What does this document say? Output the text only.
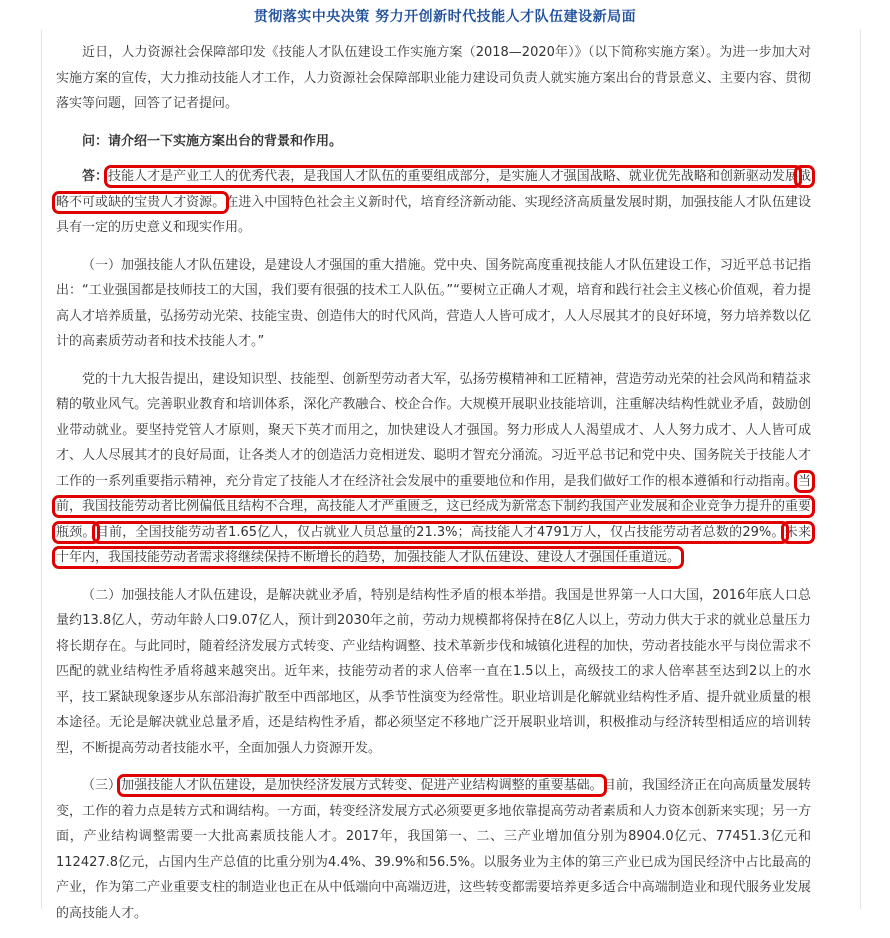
贯彻落实中央决策 努力开创新时代技能人才队伍建设新局面

近日，人力资源社会保障部印发《技能人才队伍建设工作实施方案（2018—2020年）》（以下简称实施方案）。为进一步加大对实施方案的宣传，大力推动技能人才工作，人力资源社会保障部职业能力建设司负责人就实施方案出台的背景意义、主要内容、贯彻落实等问题，回答了记者提问。

问：请介绍一下实施方案出台的背景和作用。

答：技能人才是产业工人的优秀代表，是我国人才队伍的重要组成部分，是实施人才强国战略、就业优先战略和创新驱动发展战略不可或缺的宝贵人才资源。在进入中国特色社会主义新时代，培育经济新动能、实现经济高质量发展时期，加强技能人才队伍建设具有一定的历史意义和现实作用。

（一）加强技能人才队伍建设，是建设人才强国的重大措施。党中央、国务院高度重视技能人才队伍建设工作，习近平总书记指出：“工业强国都是技师技工的大国，我们要有很强的技术工人队伍。”“要树立正确人才观，培育和践行社会主义核心价值观，着力提高人才培养质量，弘扬劳动光荣、技能宝贵、创造伟大的时代风尚，营造人人皆可成才，人人尽展其才的良好环境，努力培养数以亿计的高素质劳动者和技术技能人才。”

党的十九大报告提出，建设知识型、技能型、创新型劳动者大军，弘扬劳模精神和工匠精神，营造劳动光荣的社会风尚和精益求精的敬业风气。完善职业教育和培训体系，深化产教融合、校企合作。大规模开展职业技能培训，注重解决结构性就业矛盾，鼓励创业带动就业。要坚持党管人才原则，聚天下英才而用之，加快建设人才强国。努力形成人人渴望成才、人人努力成才、人人皆可成才、人人尽展其才的良好局面，让各类人才的创造活力竞相迸发、聪明才智充分涌流。习近平总书记和党中央、国务院关于技能人才工作的一系列重要指示精神，充分肯定了技能人才在经济社会发展中的重要地位和作用，是我们做好工作的根本遵循和行动指南。当前，我国技能劳动者比例偏低且结构不合理，高技能人才严重匮乏，这已经成为新常态下制约我国产业发展和企业竞争力提升的重要瓶颈。目前，全国技能劳动者1.65亿人，仅占就业人员总量的21.3%；高技能人才4791万人，仅占技能劳动者总数的29%。未来十年内，我国技能劳动者需求将继续保持不断增长的趋势，加强技能人才队伍建设、建设人才强国任重道远。

（二）加强技能人才队伍建设，是解决就业矛盾，特别是结构性矛盾的根本举措。我国是世界第一人口大国，2016年底人口总量约13.8亿人，劳动年龄人口9.07亿人，预计到2030年之前，劳动力规模都将保持在8亿人以上，劳动力供大于求的就业总量压力将长期存在。与此同时，随着经济发展方式转变、产业结构调整、技术革新步伐和城镇化进程的加快，劳动者技能水平与岗位需求不匹配的就业结构性矛盾将越来越突出。近年来，技能劳动者的求人倍率一直在1.5以上，高级技工的求人倍率甚至达到2以上的水平，技工紧缺现象逐步从东部沿海扩散至中西部地区，从季节性演变为经常性。职业培训是化解就业结构性矛盾、提升就业质量的根本途径。无论是解决就业总量矛盾，还是结构性矛盾，都必须坚定不移地广泛开展职业培训，积极推动与经济转型相适应的培训转型，不断提高劳动者技能水平，全面加强人力资源开发。

（三）加强技能人才队伍建设，是加快经济发展方式转变、促进产业结构调整的重要基础。目前，我国经济正在向高质量发展转变，工作的着力点是转方式和调结构。一方面，转变经济发展方式必须要更多地依靠提高劳动者素质和人力资本创新来实现；另一方面，产业结构调整需要一大批高素质技能人才。2017年，我国第一、二、三产业增加值分别为8904.0亿元、77451.3亿元和112427.8亿元，占国内生产总值的比重分别为4.4%、39.9%和56.5%。以服务业为主体的第三产业已成为国民经济中占比最高的产业，作为第二产业重要支柱的制造业也正在从中低端向中高端迈进，这些转变都需要培养更多适合中高端制造业和现代服务业发展的高技能人才。
